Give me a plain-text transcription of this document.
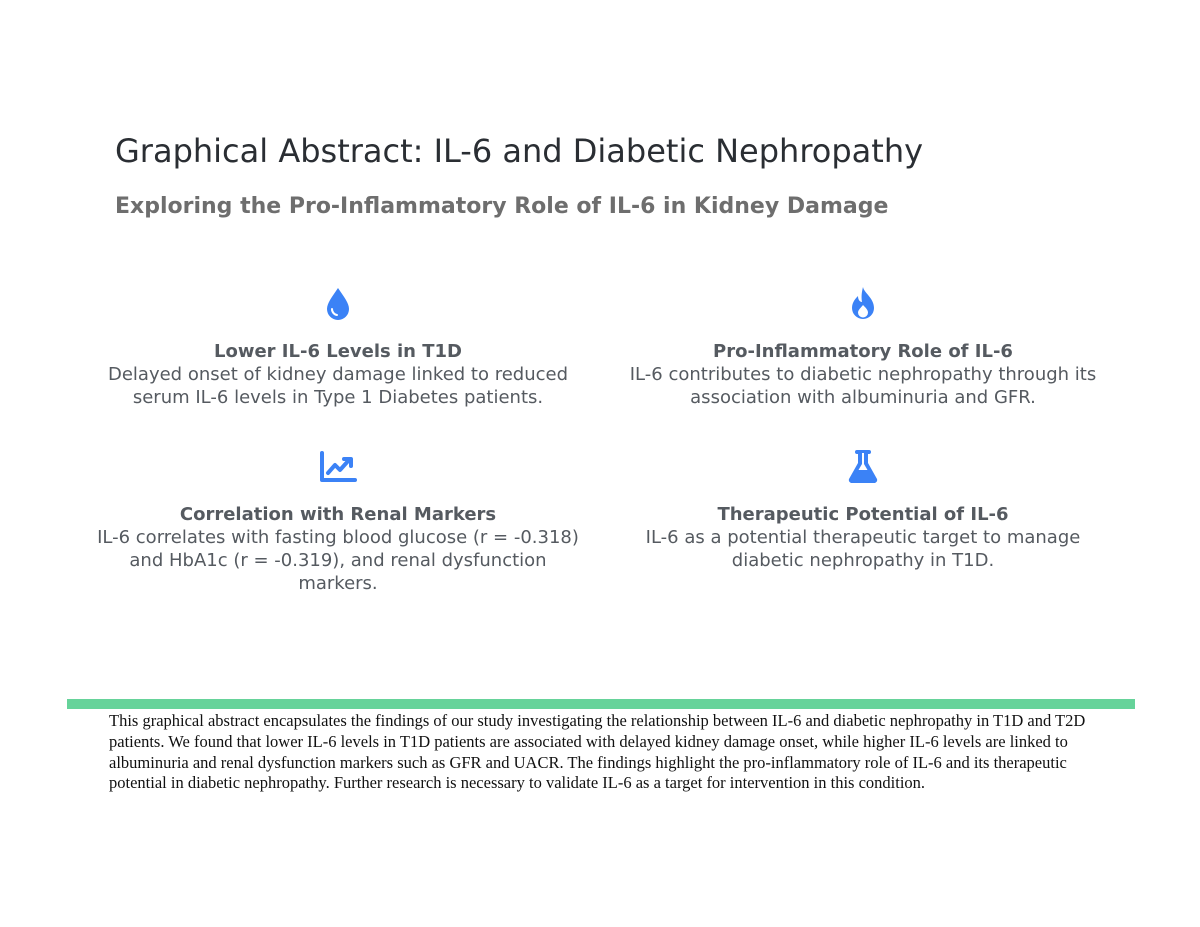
Graphical Abstract: IL-6 and Diabetic Nephropathy
Exploring the Pro-Inflammatory Role of IL-6 in Kidney Damage
Lower IL-6 Levels in T1D
Delayed onset of kidney damage linked to reduced serum IL-6 levels in Type 1 Diabetes patients.
Pro-Inflammatory Role of IL-6
IL-6 contributes to diabetic nephropathy through its association with albuminuria and GFR.
Correlation with Renal Markers
IL-6 correlates with fasting blood glucose (r = -0.318) and HbA1c (r = -0.319), and renal dysfunction markers.
Therapeutic Potential of IL-6
IL-6 as a potential therapeutic target to manage diabetic nephropathy in T1D.

This graphical abstract encapsulates the findings of our study investigating the relationship between IL-6 and diabetic nephropathy in T1D and T2D patients. We found that lower IL-6 levels in T1D patients are associated with delayed kidney damage onset, while higher IL-6 levels are linked to albuminuria and renal dysfunction markers such as GFR and UACR. The findings highlight the pro-inflammatory role of IL-6 and its therapeutic potential in diabetic nephropathy. Further research is necessary to validate IL-6 as a target for intervention in this condition.
